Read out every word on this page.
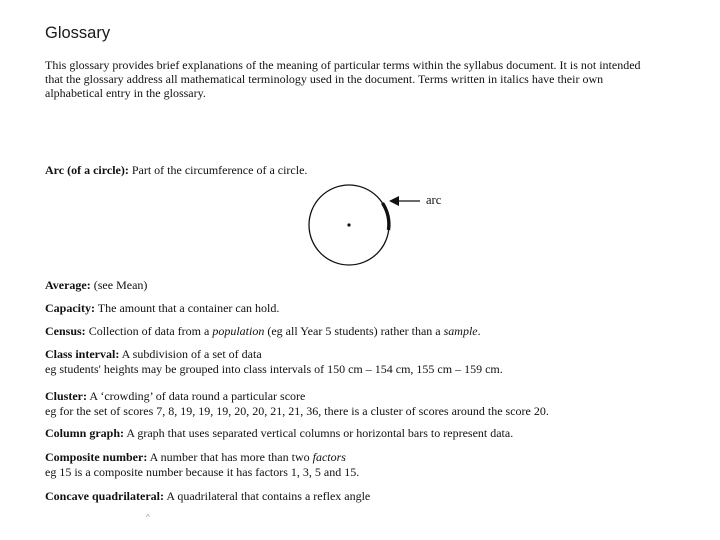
Glossary

This glossary provides brief explanations of the meaning of particular terms within the syllabus document. It is not intended that the glossary address all mathematical terminology used in the document. Terms written in italics have their own alphabetical entry in the glossary.

Arc (of a circle): Part of the circumference of a circle.
Average: (see Mean)
Capacity: The amount that a container can hold.
Census: Collection of data from a population (eg all Year 5 students) rather than a sample.
Class interval: A subdivision of a set of data
eg students' heights may be grouped into class intervals of 150 cm – 154 cm, 155 cm – 159 cm.
Cluster: A ‘crowding’ of data round a particular score
eg for the set of scores 7, 8, 19, 19, 19, 20, 20, 21, 21, 36, there is a cluster of scores around the score 20.
Column graph: A graph that uses separated vertical columns or horizontal bars to represent data.
Composite number: A number that has more than two factors
eg 15 is a composite number because it has factors 1, 3, 5 and 15.
Concave quadrilateral: A quadrilateral that contains a reflex angle
arc
^
